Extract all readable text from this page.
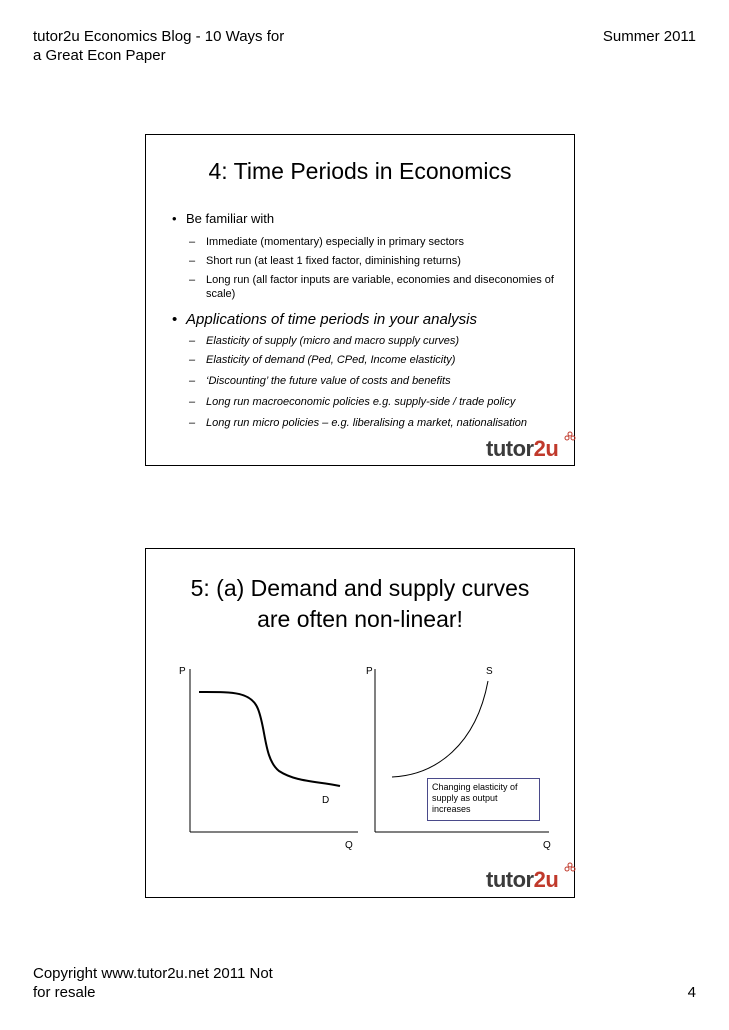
tutor2u Economics Blog - 10 Ways for
a Great Econ Paper
Summer 2011
4: Time Periods in Economics
• Be familiar with
– Immediate (momentary) especially in primary sectors
– Short run (at least 1 fixed factor, diminishing returns)
– Long run (all factor inputs are variable, economies and diseconomies of scale)
• Applications of time periods in your analysis
– Elasticity of supply (micro and macro supply curves)
– Elasticity of demand (Ped, CPed, Income elasticity)
– ‘Discounting’ the future value of costs and benefits
– Long run macroeconomic policies e.g. supply-side / trade policy
– Long run micro policies – e.g. liberalising a market, nationalisation
tutor2u
5: (a) Demand and supply curves
are often non-linear!
P
D
Q
P	S
Q
Changing elasticity of supply as output increases
tutor2u
Copyright www.tutor2u.net 2011 Not
for resale	4
